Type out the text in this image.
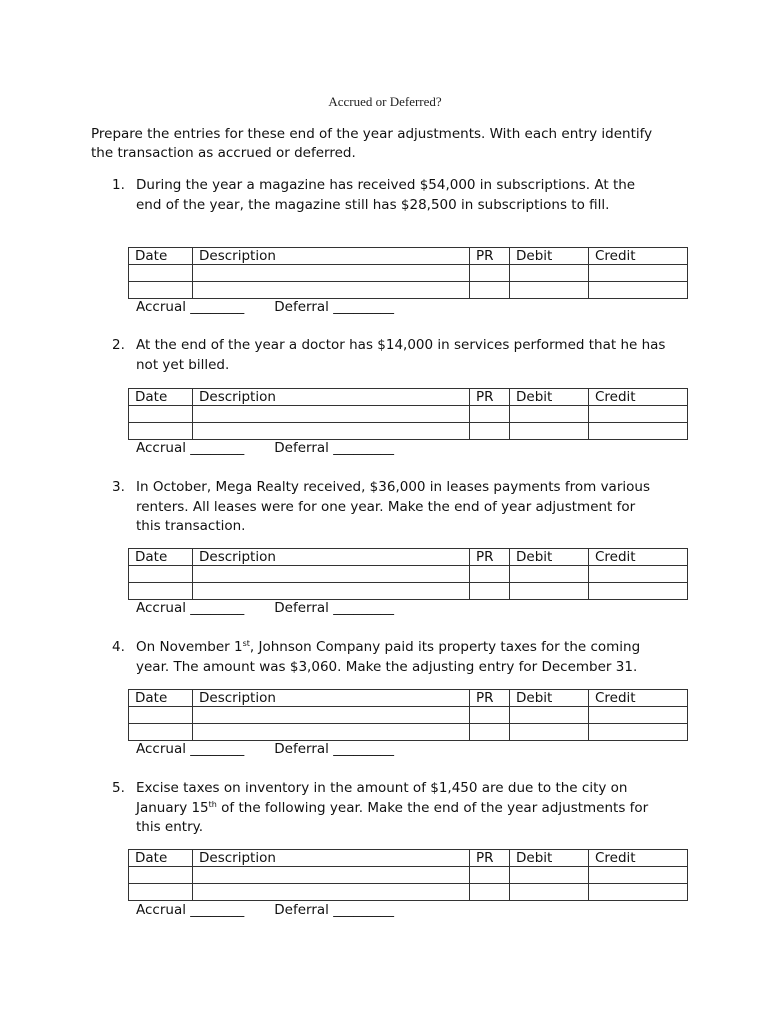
Accrued or Deferred?
Prepare the entries for these end of the year adjustments. With each entry identify
the transaction as accrued or deferred.
1. During the year a magazine has received $54,000 in subscriptions. At the
end of the year, the magazine still has $28,500 in subscriptions to fill.
Date	Description	PR	Debit	Credit

Accrual ________ Deferral _________
2. At the end of the year a doctor has $14,000 in services performed that he has
not yet billed.
Date	Description	PR	Debit	Credit

Accrual ________ Deferral _________
3. In October, Mega Realty received, $36,000 in leases payments from various
renters. All leases were for one year. Make the end of year adjustment for
this transaction.
Date	Description	PR	Debit	Credit

Accrual ________ Deferral _________
4. On November 1st, Johnson Company paid its property taxes for the coming
year. The amount was $3,060. Make the adjusting entry for December 31.
Date	Description	PR	Debit	Credit

Accrual ________ Deferral _________
5. Excise taxes on inventory in the amount of $1,450 are due to the city on
January 15th of the following year. Make the end of the year adjustments for
this entry.
Date	Description	PR	Debit	Credit

Accrual ________ Deferral _________
